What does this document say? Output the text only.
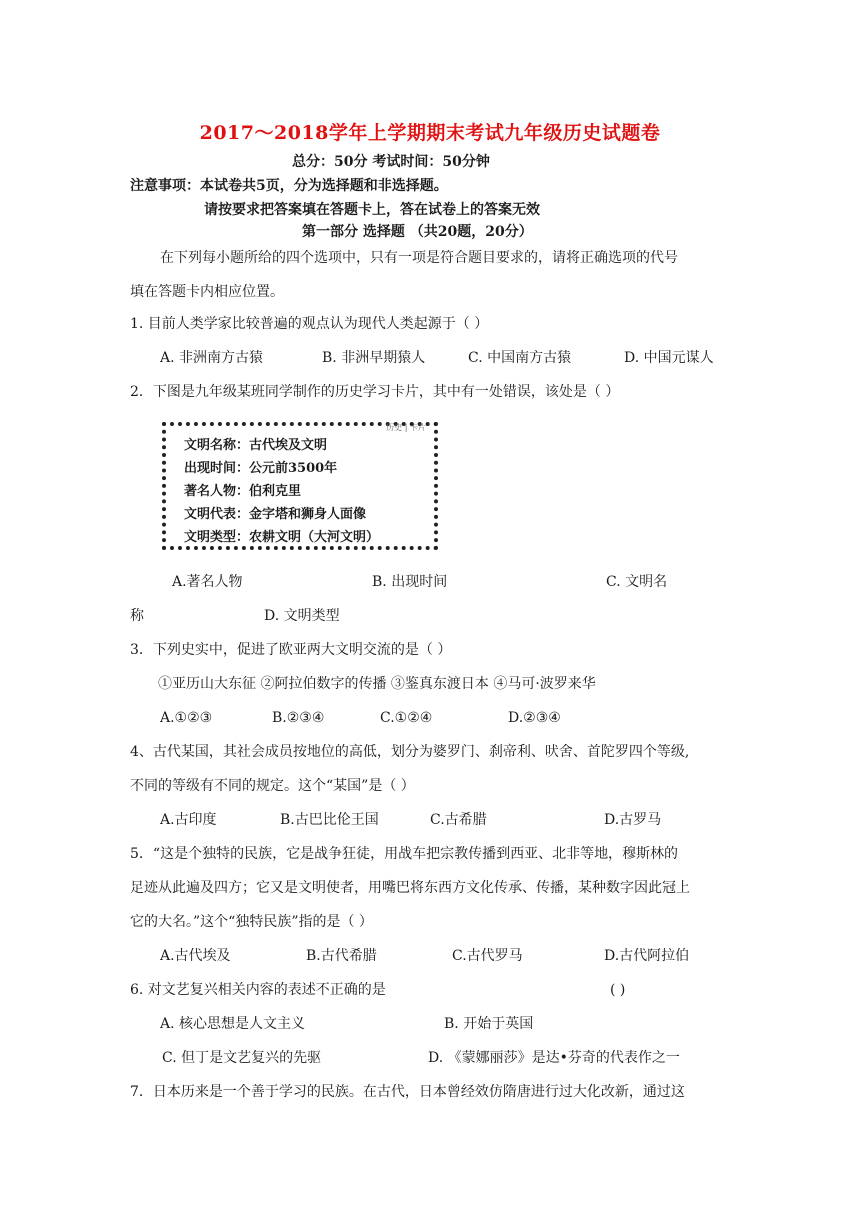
2017～2018学年上学期期末考试九年级历史试题卷
总分：50分 考试时间：50分钟
注意事项：本试卷共5页，分为选择题和非选择题。
请按要求把答案填在答题卡上，答在试卷上的答案无效
第一部分 选择题 （共20题，20分）
在下列每小题所给的四个选项中，只有一项是符合题目要求的，请将正确选项的代号
填在答题卡内相应位置。
1. 目前人类学家比较普遍的观点认为现代人类起源于（ ）
A. 非洲南方古猿	B. 非洲早期猿人	C. 中国南方古猿	D. 中国元谋人
2．下图是九年级某班同学制作的历史学习卡片，其中有一处错误，该处是（ ）
历史 | 卡片
文明名称：古代埃及文明
出现时间：公元前3500年
著名人物：伯利克里
文明代表：金字塔和狮身人面像
文明类型：农耕文明（大河文明）
A.著名人物	B. 出现时间	C. 文明名
称	D. 文明类型
3．下列史实中，促进了欧亚两大文明交流的是（ ）
①亚历山大东征 ②阿拉伯数字的传播 ③鉴真东渡日本 ④马可·波罗来华
A.①②③	B.②③④	C.①②④	D.②③④
4、古代某国，其社会成员按地位的高低，划分为婆罗门、刹帝利、吠舍、首陀罗四个等级,
不同的等级有不同的规定。这个“某国”是（ ）
A.古印度	B.古巴比伦王国	C.古希腊	D.古罗马
5．“这是个独特的民族，它是战争狂徒，用战车把宗教传播到西亚、北非等地，穆斯林的
足迹从此遍及四方；它又是文明使者，用嘴巴将东西方文化传承、传播，某种数字因此冠上
它的大名。”这个“独特民族”指的是（ ）
A.古代埃及	B.古代希腊	C.古代罗马	D.古代阿拉伯
6. 对文艺复兴相关内容的表述不正确的是	( )
A. 核心思想是人文主义	B. 开始于英国
C. 但丁是文艺复兴的先驱	D. 《蒙娜丽莎》是达•芬奇的代表作之一
7．日本历来是一个善于学习的民族。在古代，日本曾经效仿隋唐进行过大化改新，通过这
